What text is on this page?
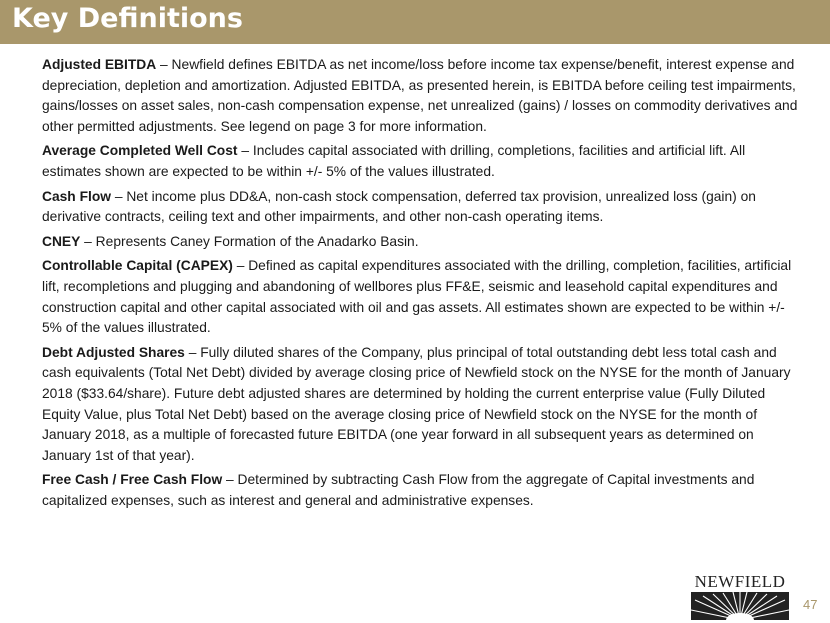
Key Definitions

Adjusted EBITDA – Newfield defines EBITDA as net income/loss before income tax expense/benefit, interest expense and depreciation, depletion and amortization. Adjusted EBITDA, as presented herein, is EBITDA before ceiling test impairments, gains/losses on asset sales, non-cash compensation expense, net unrealized (gains) / losses on commodity derivatives and other permitted adjustments. See legend on page 3 for more information.

Average Completed Well Cost – Includes capital associated with drilling, completions, facilities and artificial lift. All estimates shown are expected to be within +/- 5% of the values illustrated.

Cash Flow – Net income plus DD&A, non-cash stock compensation, deferred tax provision, unrealized loss (gain) on derivative contracts, ceiling text and other impairments, and other non-cash operating items.

CNEY – Represents Caney Formation of the Anadarko Basin.

Controllable Capital (CAPEX) – Defined as capital expenditures associated with the drilling, completion, facilities, artificial lift, recompletions and plugging and abandoning of wellbores plus FF&E, seismic and leasehold capital expenditures and construction capital and other capital associated with oil and gas assets. All estimates shown are expected to be within +/- 5% of the values illustrated.

Debt Adjusted Shares – Fully diluted shares of the Company, plus principal of total outstanding debt less total cash and cash equivalents (Total Net Debt) divided by average closing price of Newfield stock on the NYSE for the month of January 2018 ($33.64/share). Future debt adjusted shares are determined by holding the current enterprise value (Fully Diluted Equity Value, plus Total Net Debt) based on the average closing price of Newfield stock on the NYSE for the month of January 2018, as a multiple of forecasted future EBITDA (one year forward in all subsequent years as determined on January 1st of that year).

Free Cash / Free Cash Flow – Determined by subtracting Cash Flow from the aggregate of Capital investments and capitalized expenses, such as interest and general and administrative expenses.

NEWFIELD
47
